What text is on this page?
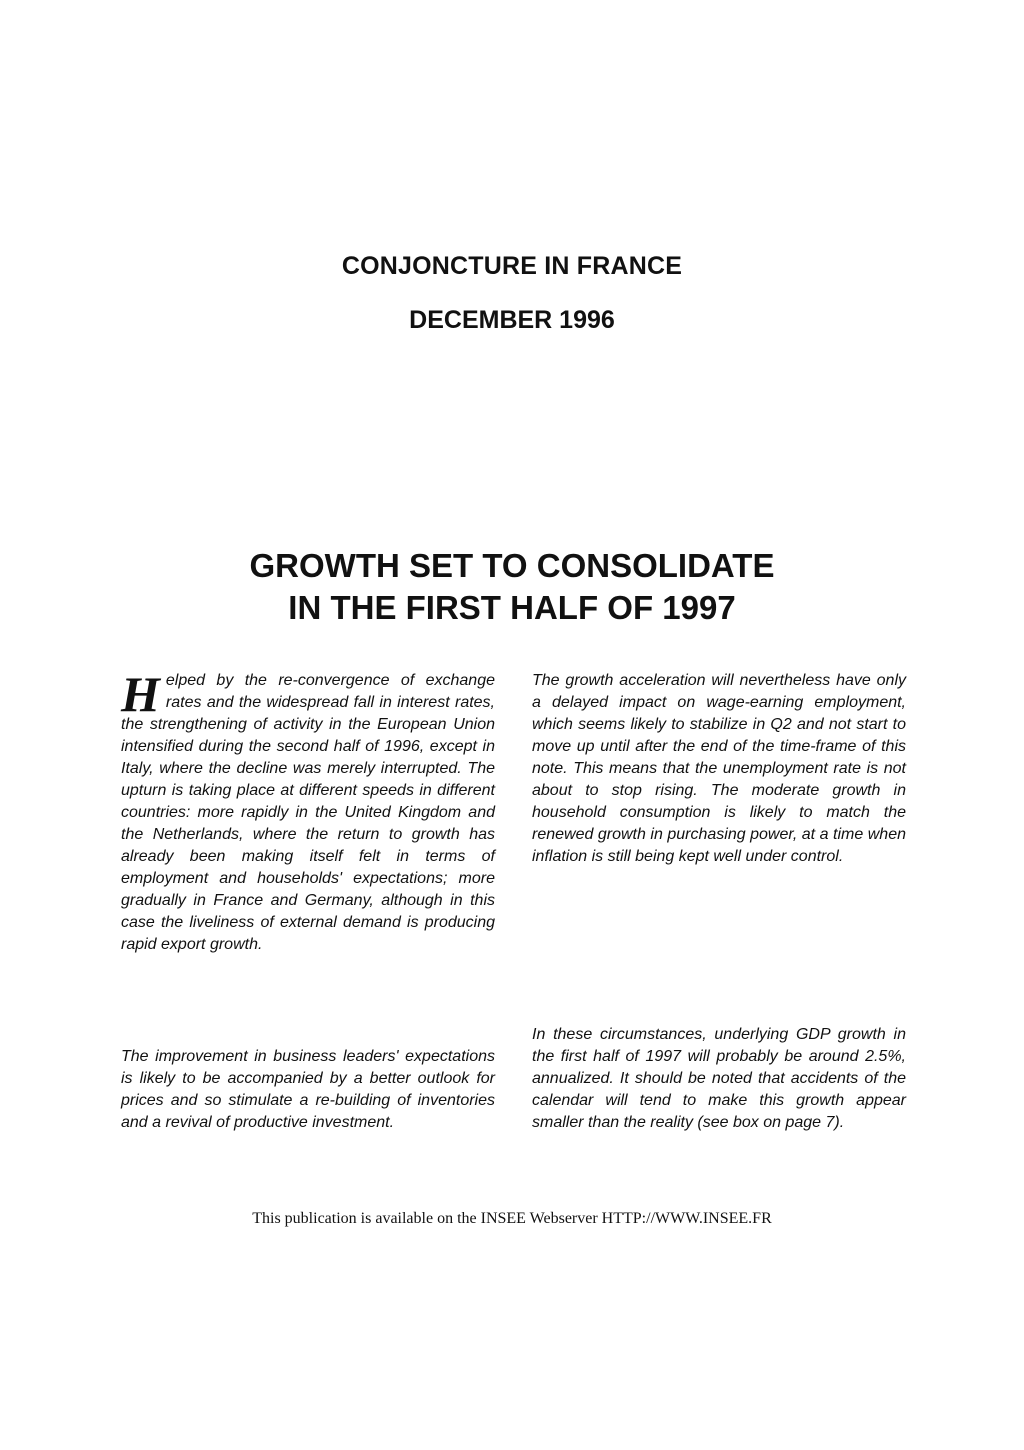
CONJONCTURE IN FRANCE
DECEMBER 1996
GROWTH SET TO CONSOLIDATE
IN THE FIRST HALF OF 1997

Helped by the re-convergence of exchange rates and the widespread fall in interest rates, the strengthening of activity in the European Union intensified during the second half of 1996, except in Italy, where the decline was merely interrupted. The upturn is taking place at different speeds in different countries: more rapidly in the United Kingdom and the Netherlands, where the return to growth has already been making itself felt in terms of employment and households' expectations; more gradually in France and Germany, although in this case the liveliness of external demand is producing rapid export growth.

The improvement in business leaders' expectations is likely to be accompanied by a better outlook for prices and so stimulate a re-building of inventories and a revival of productive investment.

The growth acceleration will nevertheless have only a delayed impact on wage-earning employment, which seems likely to stabilize in Q2 and not start to move up until after the end of the time-frame of this note. This means that the unemployment rate is not about to stop rising. The moderate growth in household consumption is likely to match the renewed growth in purchasing power, at a time when inflation is still being kept well under control.

In these circumstances, underlying GDP growth in the first half of 1997 will probably be around 2.5%, annualized. It should be noted that accidents of the calendar will tend to make this growth appear smaller than the reality (see box on page 7).
This publication is available on the INSEE Webserver HTTP://WWW.INSEE.FR
